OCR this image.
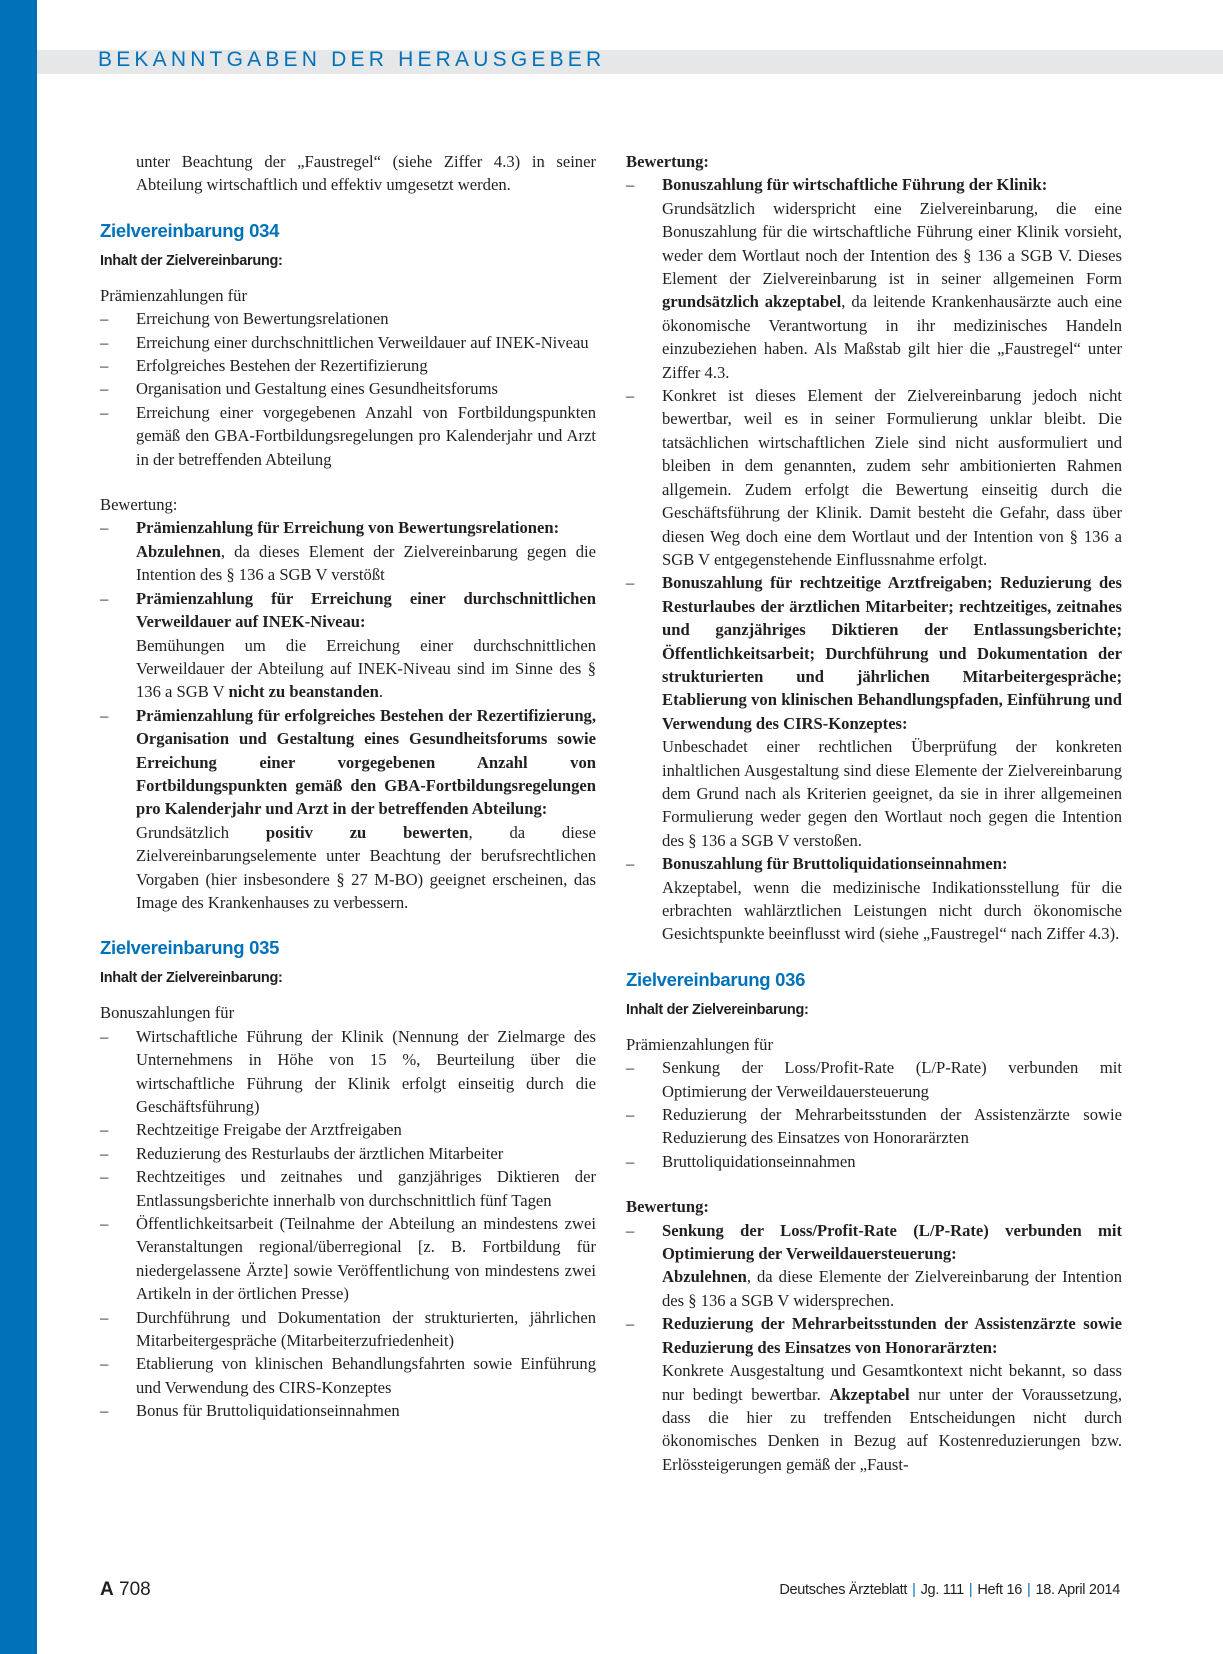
BEKANNTGABEN DER HERAUSGEBER

unter Beachtung der „Faustregel“ (siehe Ziffer 4.3) in seiner Abteilung wirtschaftlich und effektiv umgesetzt werden.

Zielvereinbarung 034
Inhalt der Zielvereinbarung:

Prämienzahlungen für

– Erreichung von Bewertungsrelationen
– Erreichung einer durchschnittlichen Verweildauer auf INEK-Niveau
– Erfolgreiches Bestehen der Rezertifizierung
– Organisation und Gestaltung eines Gesundheitsforums
– Erreichung einer vorgegebenen Anzahl von Fortbildungspunkten gemäß den GBA-Fortbildungsregelungen pro Kalenderjahr und Arzt in der betreffenden Abteilung

Bewertung:

– Prämienzahlung für Erreichung von Bewertungsrelationen:
Abzulehnen, da dieses Element der Zielvereinbarung gegen die Intention des § 136 a SGB V verstößt
– Prämienzahlung für Erreichung einer durchschnittlichen Verweildauer auf INEK-Niveau:
Bemühungen um die Erreichung einer durchschnittlichen Verweildauer der Abteilung auf INEK-Niveau sind im Sinne des § 136 a SGB V nicht zu beanstanden.
– Prämienzahlung für erfolgreiches Bestehen der Rezertifizierung, Organisation und Gestaltung eines Gesundheitsforums sowie Erreichung einer vorgegebenen Anzahl von Fortbildungspunkten gemäß den GBA-Fortbildungsregelungen pro Kalenderjahr und Arzt in der betreffenden Abteilung:
Grundsätzlich positiv zu bewerten, da diese Zielvereinbarungselemente unter Beachtung der berufsrechtlichen Vorgaben (hier insbesondere § 27 M-BO) geeignet erscheinen, das Image des Krankenhauses zu verbessern.
Zielvereinbarung 035
Inhalt der Zielvereinbarung:

Bonuszahlungen für

– Wirtschaftliche Führung der Klinik (Nennung der Zielmarge des Unternehmens in Höhe von 15 %, Beurteilung über die wirtschaftliche Führung der Klinik erfolgt einseitig durch die Geschäftsführung)
– Rechtzeitige Freigabe der Arztfreigaben
– Reduzierung des Resturlaubs der ärztlichen Mitarbeiter
– Rechtzeitiges und zeitnahes und ganzjähriges Diktieren der Entlassungsberichte innerhalb von durchschnittlich fünf Tagen
– Öffentlichkeitsarbeit (Teilnahme der Abteilung an mindestens zwei Veranstaltungen regional/überregional [z. B. Fortbildung für niedergelassene Ärzte] sowie Veröffentlichung von mindestens zwei Artikeln in der örtlichen Presse)
– Durchführung und Dokumentation der strukturierten, jährlichen Mitarbeitergespräche (Mitarbeiterzufriedenheit)
– Etablierung von klinischen Behandlungsfahrten sowie Einführung und Verwendung des CIRS-Konzeptes
– Bonus für Bruttoliquidationseinnahmen

Bewertung:

– Bonuszahlung für wirtschaftliche Führung der Klinik:
Grundsätzlich widerspricht eine Zielvereinbarung, die eine Bonuszahlung für die wirtschaftliche Führung einer Klinik vorsieht, weder dem Wortlaut noch der Intention des § 136 a SGB V. Dieses Element der Zielvereinbarung ist in seiner allgemeinen Form grundsätzlich akzeptabel, da leitende Krankenhausärzte auch eine ökonomische Verantwortung in ihr medizinisches Handeln einzubeziehen haben. Als Maßstab gilt hier die „Faustregel“ unter Ziffer 4.3.
– Konkret ist dieses Element der Zielvereinbarung jedoch nicht bewertbar, weil es in seiner Formulierung unklar bleibt. Die tatsächlichen wirtschaftlichen Ziele sind nicht ausformuliert und bleiben in dem genannten, zudem sehr ambitionierten Rahmen allgemein. Zudem erfolgt die Bewertung einseitig durch die Geschäftsführung der Klinik. Damit besteht die Gefahr, dass über diesen Weg doch eine dem Wortlaut und der Intention von § 136 a SGB V entgegenstehende Einflussnahme erfolgt.
– Bonuszahlung für rechtzeitige Arztfreigaben; Reduzierung des Resturlaubes der ärztlichen Mitarbeiter; rechtzeitiges, zeitnahes und ganzjähriges Diktieren der Entlassungsberichte; Öffentlichkeitsarbeit; Durchführung und Dokumentation der strukturierten und jährlichen Mitarbeitergespräche; Etablierung von klinischen Behandlungspfaden, Einführung und Verwendung des CIRS-Konzeptes:
Unbeschadet einer rechtlichen Überprüfung der konkreten inhaltlichen Ausgestaltung sind diese Elemente der Zielvereinbarung dem Grund nach als Kriterien geeignet, da sie in ihrer allgemeinen Formulierung weder gegen den Wortlaut noch gegen die Intention des § 136 a SGB V verstoßen.
– Bonuszahlung für Bruttoliquidationseinnahmen:
Akzeptabel, wenn die medizinische Indikationsstellung für die erbrachten wahlärztlichen Leistungen nicht durch ökonomische Gesichtspunkte beeinflusst wird (siehe „Faustregel“ nach Ziffer 4.3).
Zielvereinbarung 036
Inhalt der Zielvereinbarung:

Prämienzahlungen für

– Senkung der Loss/Profit-Rate (L/P-Rate) verbunden mit Optimierung der Verweildauersteuerung
– Reduzierung der Mehrarbeitsstunden der Assistenzärzte sowie Reduzierung des Einsatzes von Honorarärzten
– Bruttoliquidationseinnahmen

Bewertung:

– Senkung der Loss/Profit-Rate (L/P-Rate) verbunden mit Optimierung der Verweildauersteuerung:
Abzulehnen, da diese Elemente der Zielvereinbarung der Intention des § 136 a SGB V widersprechen.
– Reduzierung der Mehrarbeitsstunden der Assistenzärzte sowie Reduzierung des Einsatzes von Honorarärzten:
Konkrete Ausgestaltung und Gesamtkontext nicht bekannt, so dass nur bedingt bewertbar. Akzeptabel nur unter der Voraussetzung, dass die hier zu treffenden Entscheidungen nicht durch ökonomisches Denken in Bezug auf Kostenreduzierungen bzw. Erlössteigerungen gemäß der „Faust-
A 708	Deutsches Ärzteblatt | Jg. 111 | Heft 16 | 18. April 2014
